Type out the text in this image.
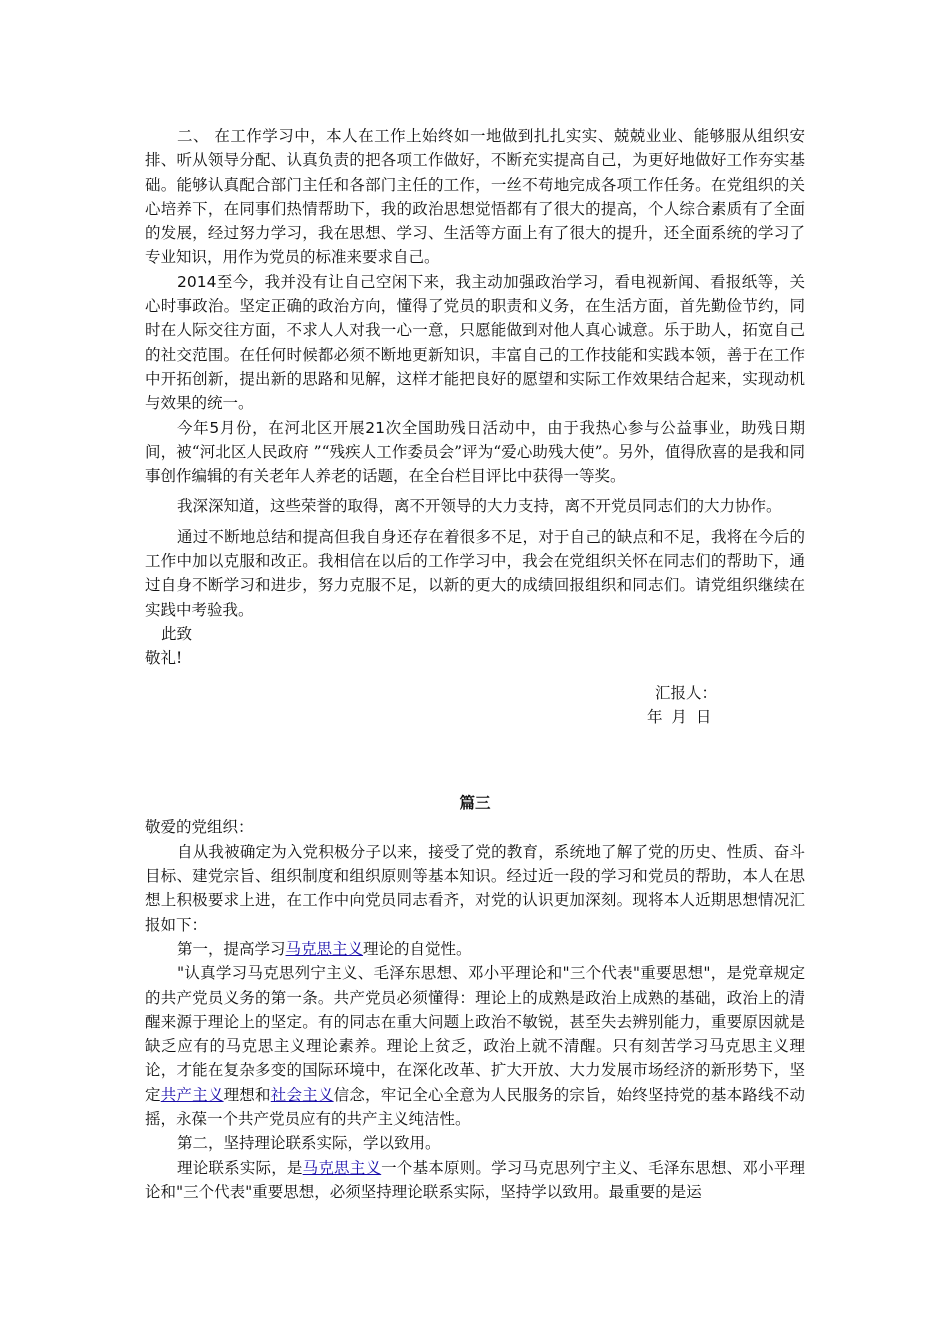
二、 在工作学习中，本人在工作上始终如一地做到扎扎实实、兢兢业业、能够服从组织安排、听从领导分配、认真负责的把各项工作做好，不断充实提高自己，为更好地做好工作夯实基础。能够认真配合部门主任和各部门主任的工作，一丝不苟地完成各项工作任务。在党组织的关心培养下，在同事们热情帮助下，我的政治思想觉悟都有了很大的提高，个人综合素质有了全面的发展，经过努力学习，我在思想、学习、生活等方面上有了很大的提升，还全面系统的学习了专业知识，用作为党员的标准来要求自己。

2014至今，我并没有让自己空闲下来，我主动加强政治学习，看电视新闻、看报纸等，关心时事政治。坚定正确的政治方向，懂得了党员的职责和义务，在生活方面，首先勤俭节约，同时在人际交往方面，不求人人对我一心一意，只愿能做到对他人真心诚意。乐于助人，拓宽自己的社交范围。在任何时候都必须不断地更新知识，丰富自己的工作技能和实践本领，善于在工作中开拓创新，提出新的思路和见解，这样才能把良好的愿望和实际工作效果结合起来，实现动机与效果的统一。

今年5月份，在河北区开展21次全国助残日活动中，由于我热心参与公益事业，助残日期间，被“河北区人民政府 ”“残疾人工作委员会”评为“爱心助残大使”。另外，值得欣喜的是我和同事创作编辑的有关老年人养老的话题，在全台栏目评比中获得一等奖。

我深深知道，这些荣誉的取得，离不开领导的大力支持，离不开党员同志们的大力协作。

通过不断地总结和提高但我自身还存在着很多不足，对于自己的缺点和不足，我将在今后的工作中加以克服和改正。我相信在以后的工作学习中，我会在党组织关怀在同志们的帮助下，通过自身不断学习和进步，努力克服不足，以新的更大的成绩回报组织和同志们。请党组织继续在实践中考验我。

此致

敬礼!

汇报人：

年 月 日

篇三

敬爱的党组织：

自从我被确定为入党积极分子以来，接受了党的教育，系统地了解了党的历史、性质、奋斗目标、建党宗旨、组织制度和组织原则等基本知识。经过近一段的学习和党员的帮助，本人在思想上积极要求上进，在工作中向党员同志看齐，对党的认识更加深刻。现将本人近期思想情况汇报如下：

第一，提高学习马克思主义理论的自觉性。

"认真学习马克思列宁主义、毛泽东思想、邓小平理论和"三个代表"重要思想"，是党章规定的共产党员义务的第一条。共产党员必须懂得：理论上的成熟是政治上成熟的基础，政治上的清醒来源于理论上的坚定。有的同志在重大问题上政治不敏锐，甚至失去辨别能力，重要原因就是缺乏应有的马克思主义理论素养。理论上贫乏，政治上就不清醒。只有刻苦学习马克思主义理论，才能在复杂多变的国际环境中，在深化改革、扩大开放、大力发展市场经济的新形势下，坚定共产主义理想和社会主义信念，牢记全心全意为人民服务的宗旨，始终坚持党的基本路线不动摇，永葆一个共产党员应有的共产主义纯洁性。

第二，坚持理论联系实际，学以致用。

理论联系实际，是马克思主义一个基本原则。学习马克思列宁主义、毛泽东思想、邓小平理论和"三个代表"重要思想，必须坚持理论联系实际，坚持学以致用。最重要的是运
